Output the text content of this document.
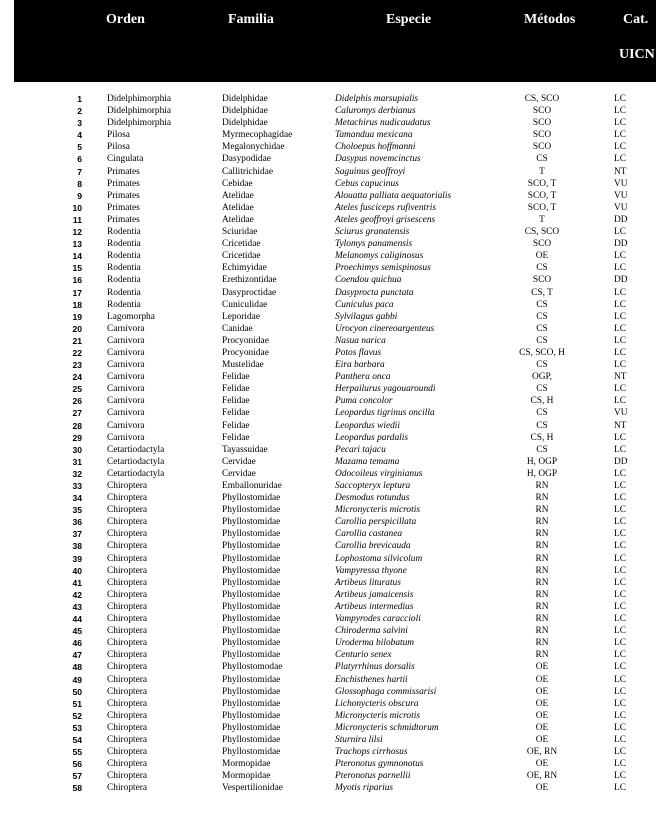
Orden	Familia	Especie	Métodos	Cat.
UICN
1	Didelphimorphia	Didelphidae	Didelphis marsupialis	CS, SCO	LC
2	Didelphimorphia	Didelphidae	Caluromys derbianus	SCO	LC
3	Didelphimorphia	Didelphidae	Metachirus nudicaudatus	SCO	LC
4	Pilosa	Myrmecophagidae	Tamandua mexicana	SCO	LC
5	Pilosa	Megalonychidae	Choloepus hoffmanni	SCO	LC
6	Cingulata	Dasypodidae	Dasypus novemcinctus	CS	LC
7	Primates	Callitrichidae	Saguinus geoffroyi	T	NT
8	Primates	Cebidae	Cebus capucinus	SCO, T	VU
9	Primates	Atelidae	Alouatta palliata aequatorialis	SCO, T	VU
10	Primates	Atelidae	Ateles fusciceps rufiventris	SCO, T	VU
11	Primates	Atelidae	Ateles geoffroyi grisescens	T	DD
12	Rodentia	Sciuridae	Sciurus granatensis	CS, SCO	LC
13	Rodentia	Cricetidae	Tylomys panamensis	SCO	DD
14	Rodentia	Cricetidae	Melanomys caliginosus	OE	LC
15	Rodentia	Echimyidae	Proechimys semispinosus	CS	LC
16	Rodentia	Erethizontidae	Coendou quichua	SCO	DD
17	Rodentia	Dasyproctidae	Dasyprocta punctata	CS, T	LC
18	Rodentia	Cuniculidae	Cuniculus paca	CS	LC
19	Lagomorpha	Leporidae	Sylvilagus gabbi	CS	LC
20	Carnivora	Canidae	Urocyon cinereoargenteus	CS	LC
21	Carnivora	Procyonidae	Nasua narica	CS	LC
22	Carnivora	Procyonidae	Potos flavus	CS, SCO, H	LC
23	Carnivora	Mustelidae	Eira barbara	CS	LC
24	Carnivora	Felidae	Panthera onca	OGP,	NT
25	Carnivora	Felidae	Herpailurus yagouaroundi	CS	LC
26	Carnivora	Felidae	Puma concolor	CS, H	LC
27	Carnivora	Felidae	Leopardus tigrinus oncilla	CS	VU
28	Carnivora	Felidae	Leopardus wiedii	CS	NT
29	Carnivora	Felidae	Leopardus pardalis	CS, H	LC
30	Cetartiodactyla	Tayassuidae	Pecari tajacu	CS	LC
31	Cetartiodactyla	Cervidae	Mazama temama	H, OGP	DD
32	Cetartiodactyla	Cervidae	Odocoileus virginianus	H, OGP	LC
33	Chiroptera	Emballonuridae	Saccopteryx leptura	RN	LC
34	Chiroptera	Phyllostomidae	Desmodus rotundus	RN	LC
35	Chiroptera	Phyllostomidae	Micronycteris microtis	RN	LC
36	Chiroptera	Phyllostomidae	Carollia perspicillata	RN	LC
37	Chiroptera	Phyllostomidae	Carollia castanea	RN	LC
38	Chiroptera	Phyllostomidae	Carollia brevicauda	RN	LC
39	Chiroptera	Phyllostomidae	Lophostoma silvicolum	RN	LC
40	Chiroptera	Phyllostomidae	Vampyressa thyone	RN	LC
41	Chiroptera	Phyllostomidae	Artibeus lituratus	RN	LC
42	Chiroptera	Phyllostomidae	Artibeus jamaicensis	RN	LC
43	Chiroptera	Phyllostomidae	Artibeus intermedius	RN	LC
44	Chiroptera	Phyllostomidae	Vampyrodes caraccioli	RN	LC
45	Chiroptera	Phyllostomidae	Chiroderma salvini	RN	LC
46	Chiroptera	Phyllostomidae	Uroderma bilobatum	RN	LC
47	Chiroptera	Phyllostomidae	Centurio senex	RN	LC
48	Chiroptera	Phyllostomodae	Platyrrhinus dorsalis	OE	LC
49	Chiroptera	Phyllostomidae	Enchisthenes hartii	OE	LC
50	Chiroptera	Phyllostomidae	Glossophaga commissarisi	OE	LC
51	Chiroptera	Phyllostomidae	Lichonycteris obscura	OE	LC
52	Chiroptera	Phyllostomidae	Micronycteris microtis	OE	LC
53	Chiroptera	Phyllostomidae	Micronycteris schmidtorum	OE	LC
54	Chiroptera	Phyllostomidae	Sturnira lilsi	OE	LC
55	Chiroptera	Phyllostomidae	Trachops cirrhosus	OE, RN	LC
56	Chiroptera	Mormopidae	Pteronotus gymnonotus	OE	LC
57	Chiroptera	Mormopidae	Pteronotus parnellii	OE, RN	LC
58	Chiroptera	Vespertilionidae	Myotis riparius	OE	LC
